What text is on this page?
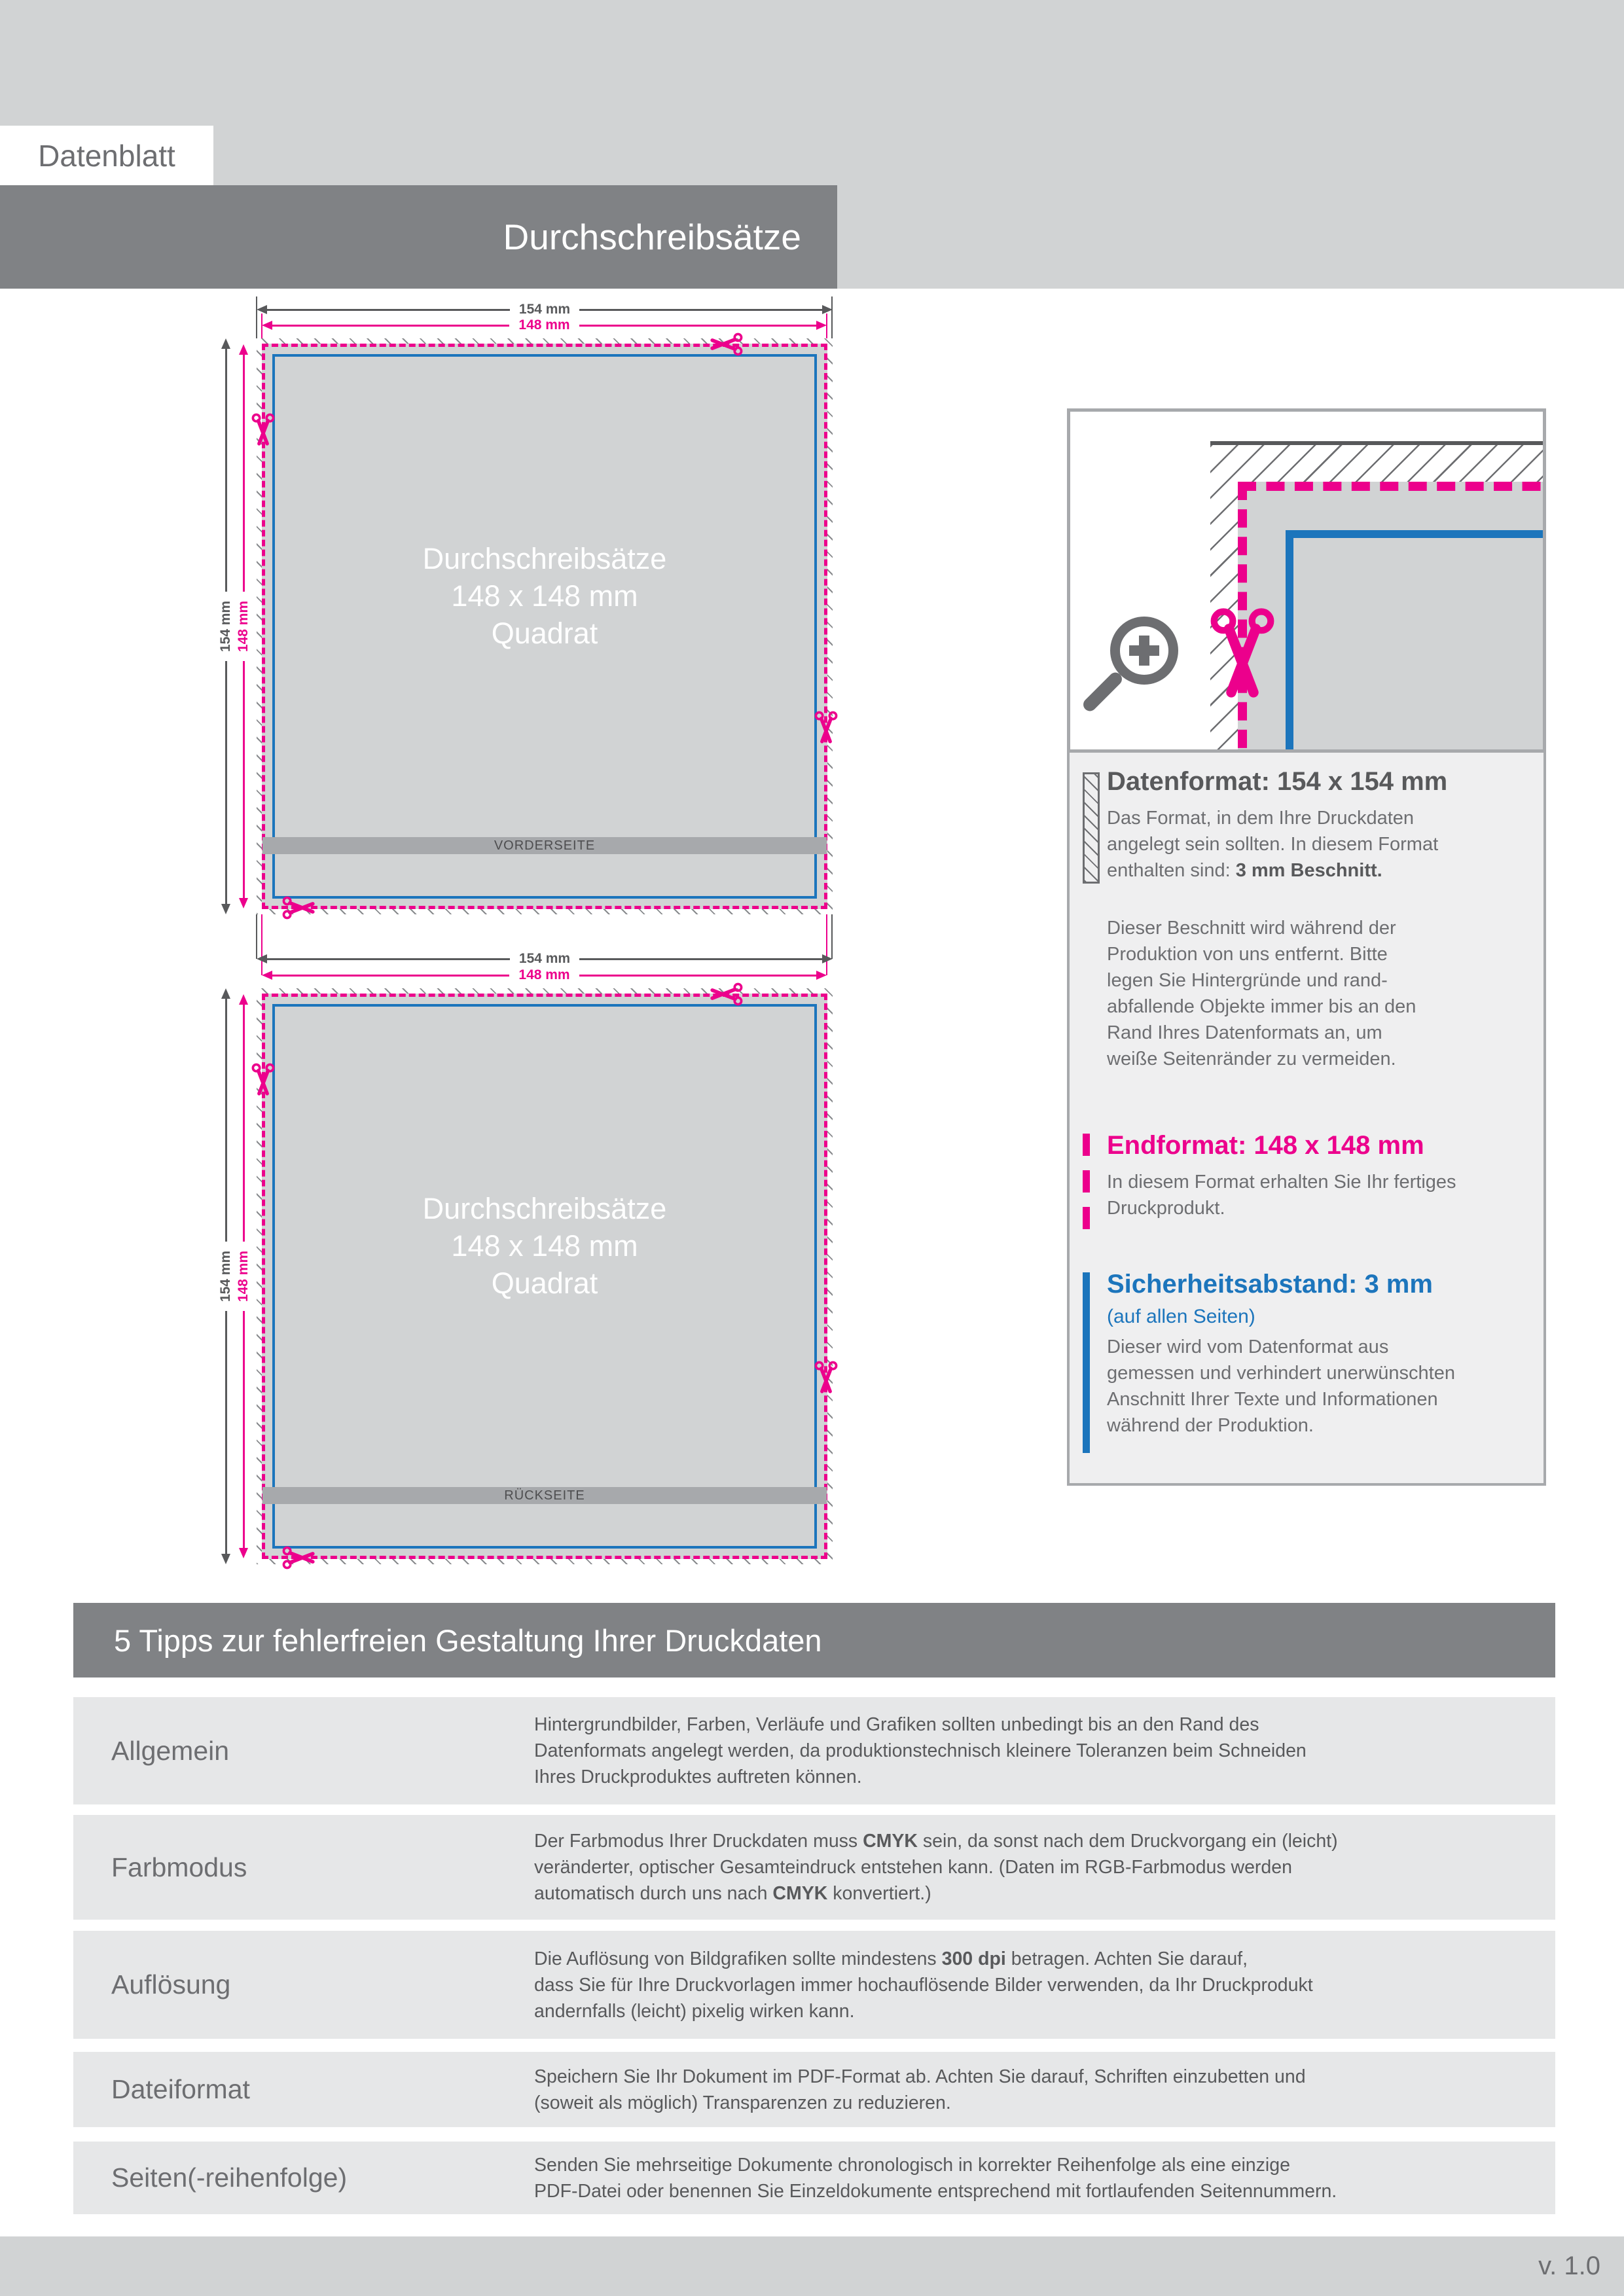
Datenblatt
Durchschreibsätze
154 mm
148 mm
154 mm 148 mm
Durchschreibsätze
148 x 148 mm
Quadrat
VORDERSEITE
154 mm
148 mm
154 mm 148 mm
Durchschreibsätze
148 x 148 mm
Quadrat
RÜCKSEITE
Datenformat: 154 x 154 mm
Das Format, in dem Ihre Druckdaten
angelegt sein sollten. In diesem Format
enthalten sind: 3 mm Beschnitt.
Dieser Beschnitt wird während der
Produktion von uns entfernt. Bitte
legen Sie Hintergründe und rand-
abfallende Objekte immer bis an den
Rand Ihres Datenformats an, um
weiße Seitenränder zu vermeiden.
Endformat: 148 x 148 mm
In diesem Format erhalten Sie Ihr fertiges
Druckprodukt.
Sicherheitsabstand: 3 mm
(auf allen Seiten)
Dieser wird vom Datenformat aus
gemessen und verhindert unerwünschten
Anschnitt Ihrer Texte und Informationen
während der Produktion.
5 Tipps zur fehlerfreien Gestaltung Ihrer Druckdaten
Allgemein
Hintergrundbilder, Farben, Verläufe und Grafiken sollten unbedingt bis an den Rand des
Datenformats angelegt werden, da produktionstechnisch kleinere Toleranzen beim Schneiden
Ihres Druckproduktes auftreten können.
Farbmodus
Der Farbmodus Ihrer Druckdaten muss CMYK sein, da sonst nach dem Druckvorgang ein (leicht)
veränderter, optischer Gesamteindruck entstehen kann. (Daten im RGB-Farbmodus werden
automatisch durch uns nach CMYK konvertiert.)
Auflösung
Die Auflösung von Bildgrafiken sollte mindestens 300 dpi betragen. Achten Sie darauf,
dass Sie für Ihre Druckvorlagen immer hochauflösende Bilder verwenden, da Ihr Druckprodukt
andernfalls (leicht) pixelig wirken kann.
Dateiformat	Speichern Sie Ihr Dokument im PDF-Format ab. Achten Sie darauf, Schriften einzubetten und
(soweit als möglich) Transparenzen zu reduzieren.
Seiten(-reihenfolge)	Senden Sie mehrseitige Dokumente chronologisch in korrekter Reihenfolge als eine einzige
PDF-Datei oder benennen Sie Einzeldokumente entsprechend mit fortlaufenden Seitennummern.
v. 1.0
